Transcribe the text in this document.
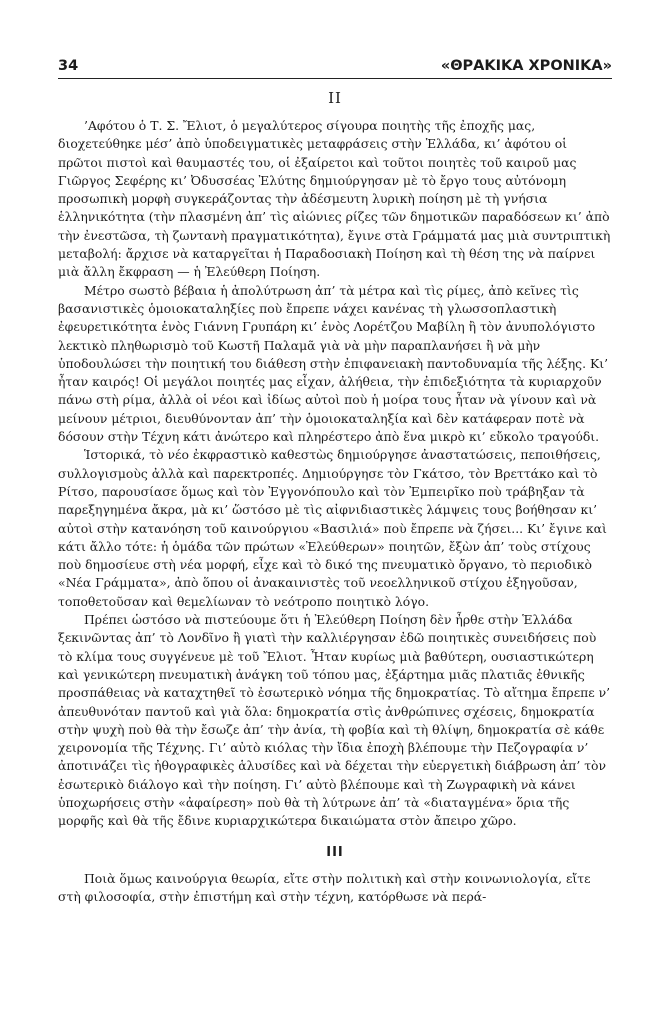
34	«ΘΡΑΚΙΚΑ ΧΡΟΝΙΚΑ»
II

’Αφότου ὁ Τ. Σ. Ἔλιοτ, ὁ μεγαλύτερος σίγουρα ποιητὴς τῆς ἐποχῆς μας, διοχετεύθηκε μέσ’ ἀπὸ ὑποδειγματικὲς μεταφράσεις στὴν Ἑλλάδα, κι’ ἀφότου οἱ πρῶτοι πιστοὶ καὶ θαυμαστές του, οἱ ἐξαίρετοι καὶ τοῦτοι ποιητὲς τοῦ καιροῦ μας Γιῶργος Σεφέρης κι’ Ὀδυσσέας Ἐλύτης δημιούργησαν μὲ τὸ ἔργο τους αὐτόνομη προσωπικὴ μορφὴ συγκεράζοντας τὴν ἀδέσμευτη λυρικὴ ποίηση μὲ τὴ γνήσια ἑλληνικότητα (τὴν πλασμένη ἀπ’ τὶς αἰώνιες ρίζες τῶν δημοτικῶν παραδόσεων κι’ ἀπὸ τὴν ἐνεστῶσα, τὴ ζωντανὴ πραγματικότητα), ἔγινε στὰ Γράμματά μας μιὰ συντριπτικὴ μεταβολή: ἄρχισε νὰ καταργεῖται ἡ Παραδοσιακὴ Ποίηση καὶ τὴ θέση της νὰ παίρνει μιὰ ἄλλη ἔκφραση — ἡ Ἐλεύθερη Ποίηση.

Μέτρο σωστὸ βέβαια ἡ ἀπολύτρωση ἀπ’ τὰ μέτρα καὶ τὶς ρίμες, ἀπὸ κεῖνες τὶς βασανιστικὲς ὁμοιοκαταληξίες ποὺ ἔπρεπε νάχει κανένας τὴ γλωσσοπλαστικὴ ἐφευρετικότητα ἑνὸς Γιάννη Γρυπάρη κι’ ἑνὸς Λορέτζου Μαβίλη ἢ τὸν ἀνυπολόγιστο λεκτικὸ πληθωρισμὸ τοῦ Κωστῆ Παλαμᾶ γιὰ νὰ μὴν παραπλανήσει ἢ νὰ μὴν ὑποδουλώσει τὴν ποιητική του διάθεση στὴν ἐπιφανειακὴ παντοδυναμία τῆς λέξης. Κι’ ἦταν καιρός! Οἱ μεγάλοι ποιητές μας εἶχαν, ἀλήθεια, τὴν ἐπιδεξιότητα τὰ κυριαρχοῦν πάνω στὴ ρίμα, ἀλλὰ οἱ νέοι καὶ ἰδίως αὐτοὶ ποὺ ἡ μοίρα τους ἦταν νὰ γίνουν καὶ νὰ μείνουν μέτριοι, διευθύνονταν ἀπ’ τὴν ὁμοιοκαταληξία καὶ δὲν κατάφεραν ποτὲ νὰ δόσουν στὴν Τέχνη κάτι ἀνώτερο καὶ πληρέστερο ἀπὸ ἕνα μικρὸ κι’ εὔκολο τραγούδι.

Ἱστορικά, τὸ νέο ἐκφραστικὸ καθεστὼς δημιούργησε ἀναστατώσεις, πεποιθήσεις, συλλογισμοὺς ἀλλὰ καὶ παρεκτροπές. Δημιούργησε τὸν Γκάτσο, τὸν Βρεττάκο καὶ τὸ Ρίτσο, παρουσίασε ὅμως καὶ τὸν Ἐγγονόπουλο καὶ τὸν Ἐμπειρῖκο ποὺ τράβηξαν τὰ παρεξηγημένα ἄκρα, μὰ κι’ ὥστόσο μὲ τὶς αἰφνιδιαστικὲς λάμψεις τους βοήθησαν κι’ αὐτοὶ στὴν κατανόηση τοῦ καινούργιου «Βασιλιά» ποὺ ἔπρεπε νὰ ζήσει... Κι’ ἔγινε καὶ κάτι ἄλλο τότε: ἡ ὁμάδα τῶν πρώτων «Ἐλεύθερων» ποιητῶν, ἔξὼν ἀπ’ τοὺς στίχους ποὺ δημοσίευε στὴ νέα μορφή, εἶχε καὶ τὸ δικό της πνευματικὸ ὄργανο, τὸ περιοδικὸ «Νέα Γράμματα», ἀπὸ ὅπου οἱ ἀνακαινιστὲς τοῦ νεοελληνικοῦ στίχου ἐξηγοῦσαν, τοποθετοῦσαν καὶ θεμελίωναν τὸ νεότροπο ποιητικὸ λόγο.

Πρέπει ὡστόσο νὰ πιστεύουμε ὅτι ἡ Ἐλεύθερη Ποίηση δὲν ἦρθε στὴν Ἑλλάδα ξεκινῶντας ἀπ’ τὸ Λονδῖνο ἢ γιατὶ τὴν καλλιέργησαν ἐδῶ ποιητικὲς συνειδήσεις ποὺ τὸ κλίμα τους συγγένευε μὲ τοῦ Ἔλιοτ. Ἦταν κυρίως μιὰ βαθύτερη, ουσιαστικώτερη καὶ γενικώτερη πνευματικὴ ἀνάγκη τοῦ τόπου μας, ἐξάρτημα μιᾶς πλατιᾶς ἐθνικῆς προσπάθειας νὰ καταχτηθεῖ τὸ ἐσωτερικὸ νόημα τῆς δημοκρατίας. Τὸ αἴτημα ἔπρεπε ν’ ἀπευθυνόταν παντοῦ καὶ γιὰ ὅλα: δημοκρατία στὶς ἀνθρώπινες σχέσεις, δημοκρατία στὴν ψυχὴ ποὺ θὰ τὴν ἔσωζε ἀπ’ τὴν ἀνία, τὴ φοβία καὶ τὴ θλίψη, δημοκρατία σὲ κάθε χειρονομία τῆς Τέχνης. Γι’ αὐτὸ κιόλας τὴν ἴδια ἐποχὴ βλέπουμε τὴν Πεζογραφία ν’ ἀποτινάζει τὶς ἠθογραφικὲς ἁλυσίδες καὶ νὰ δέχεται τὴν εὐεργετικὴ διάβρωση ἀπ’ τὸν ἐσωτερικὸ διάλογο καὶ τὴν ποίηση. Γι’ αὐτὸ βλέπουμε καὶ τὴ Ζωγραφικὴ νὰ κάνει ὑποχωρήσεις στὴν «ἀφαίρεση» ποὺ θὰ τὴ λύτρωνε ἀπ’ τὰ «διαταγμένα» ὅρια τῆς μορφῆς καὶ θὰ τῆς ἔδινε κυριαρχικώτερα δικαιώματα στὸν ἄπειρο χῶρο.

III

Ποιὰ ὅμως καινούργια θεωρία, εἴτε στὴν πολιτικὴ καὶ στὴν κοινωνιολογία, εἴτε στὴ φιλοσοφία, στὴν ἐπιστήμη καὶ στὴν τέχνη, κατόρθωσε νὰ περά-
